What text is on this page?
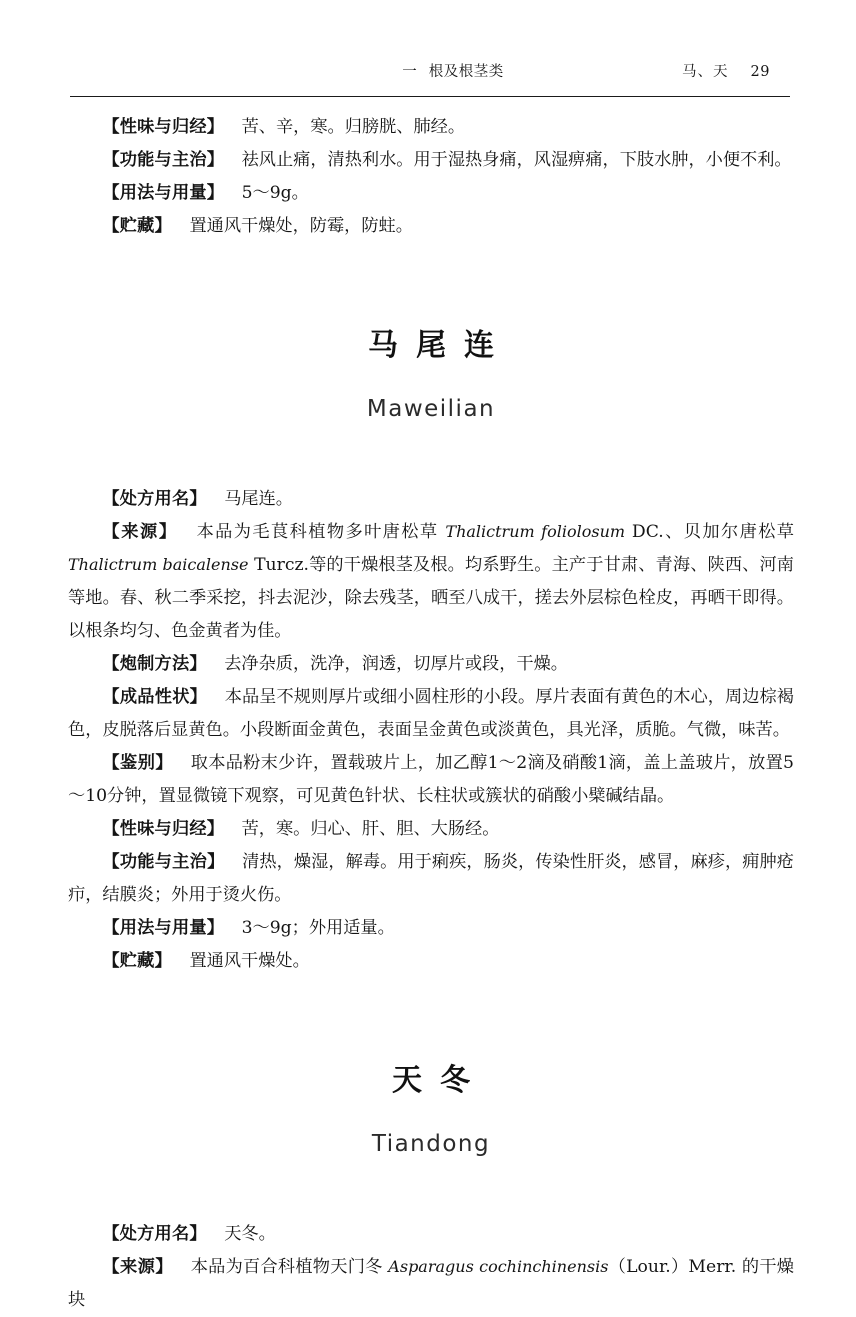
一 根及根茎类	马、天 29

【性味与归经】 苦、辛，寒。归膀胱、肺经。

【功能与主治】 祛风止痛，清热利水。用于湿热身痛，风湿痹痛，下肢水肿，小便不利。

【用法与用量】 5～9g。

【贮藏】 置通风干燥处，防霉，防蛀。

马尾连
Maweilian

【处方用名】 马尾连。

【来源】 本品为毛茛科植物多叶唐松草 Thalictrum foliolosum DC.、贝加尔唐松草 Thalictrum baicalense Turcz.等的干燥根茎及根。均系野生。主产于甘肃、青海、陕西、河南等地。春、秋二季采挖，抖去泥沙，除去残茎，晒至八成干，搓去外层棕色栓皮，再晒干即得。以根条均匀、色金黄者为佳。

【炮制方法】 去净杂质，洗净，润透，切厚片或段，干燥。

【成品性状】 本品呈不规则厚片或细小圆柱形的小段。厚片表面有黄色的木心，周边棕褐色，皮脱落后显黄色。小段断面金黄色，表面呈金黄色或淡黄色，具光泽，质脆。气微，味苦。

【鉴别】 取本品粉末少许，置载玻片上，加乙醇1～2滴及硝酸1滴，盖上盖玻片，放置5～10分钟，置显微镜下观察，可见黄色针状、长柱状或簇状的硝酸小檗碱结晶。

【性味与归经】 苦，寒。归心、肝、胆、大肠经。

【功能与主治】 清热，燥湿，解毒。用于痢疾，肠炎，传染性肝炎，感冒，麻疹，痈肿疮疖，结膜炎；外用于烫火伤。

【用法与用量】 3～9g；外用适量。

【贮藏】 置通风干燥处。

天冬
Tiandong

【处方用名】 天冬。

【来源】 本品为百合科植物天门冬 Asparagus cochinchinensis（Lour.）Merr. 的干燥块
